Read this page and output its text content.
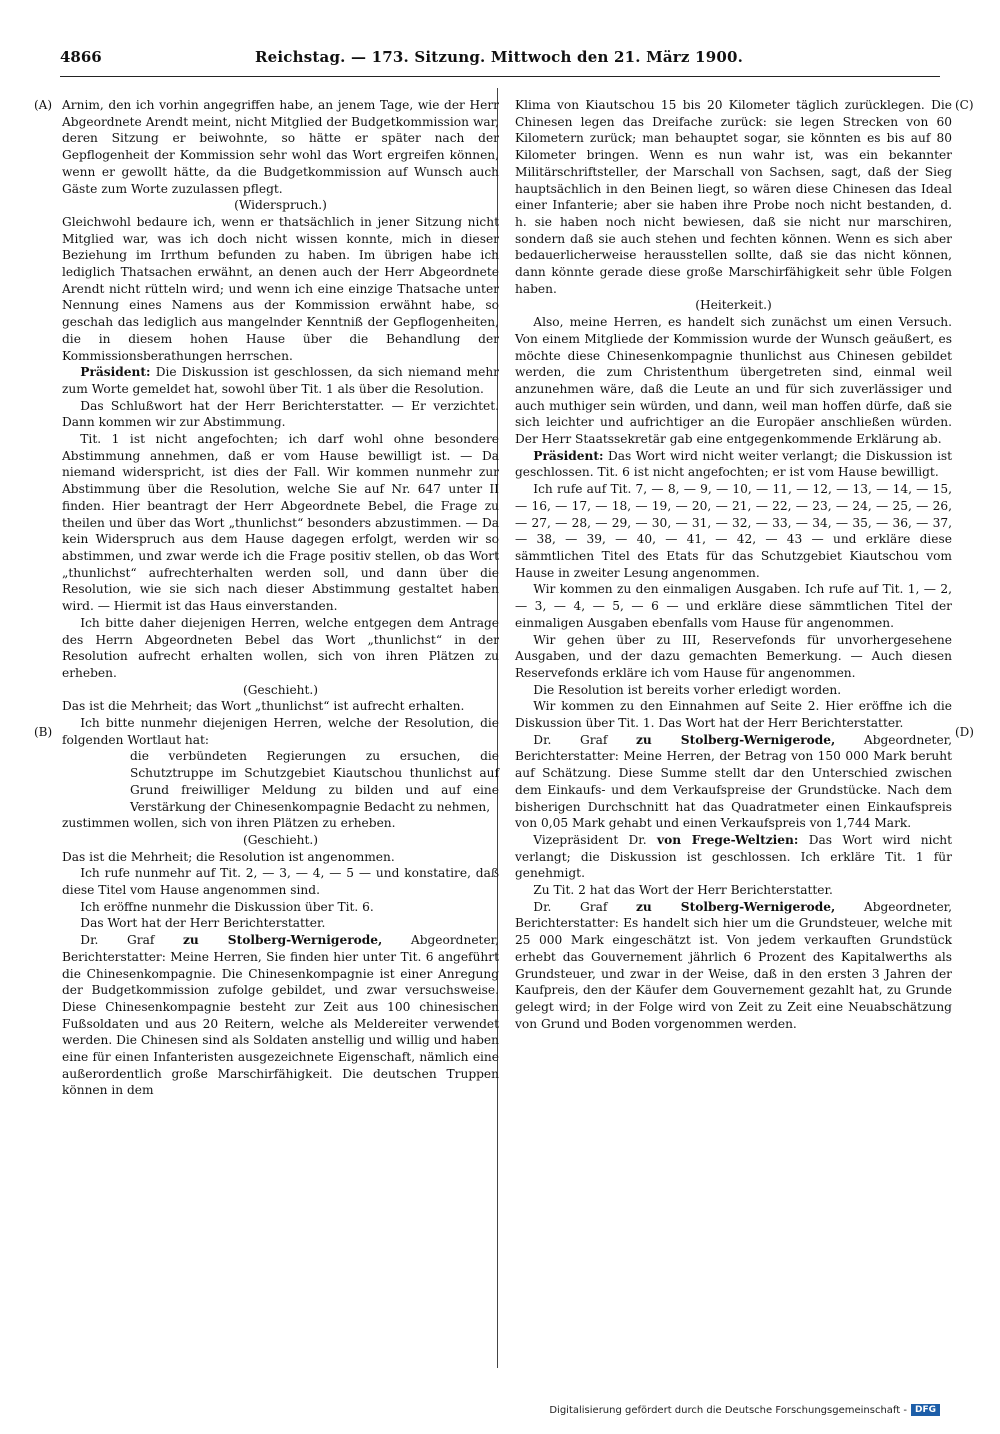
4866	Reichstag. — 173. Sitzung. Mittwoch den 21. März 1900.
(A)
(B)
(C)
(D)

Arnim, den ich vorhin angegriffen habe, an jenem Tage, wie der Herr Abgeordnete Arendt meint, nicht Mitglied der Budgetkommission war, deren Sitzung er beiwohnte, so hätte er später nach der Gepflogenheit der Kommission sehr wohl das Wort ergreifen können, wenn er gewollt hätte, da die Budgetkommission auf Wunsch auch Gäste zum Worte zuzulassen pflegt.

(Widerspruch.)

Gleichwohl bedaure ich, wenn er thatsächlich in jener Sitzung nicht Mitglied war, was ich doch nicht wissen konnte, mich in dieser Beziehung im Irrthum befunden zu haben. Im übrigen habe ich lediglich Thatsachen erwähnt, an denen auch der Herr Abgeordnete Arendt nicht rütteln wird; und wenn ich eine einzige Thatsache unter Nennung eines Namens aus der Kommission erwähnt habe, so geschah das lediglich aus mangelnder Kenntniß der Gepflogenheiten, die in diesem hohen Hause über die Behandlung der Kommissionsberathungen herrschen.

Präsident: Die Diskussion ist geschlossen, da sich niemand mehr zum Worte gemeldet hat, sowohl über Tit. 1 als über die Resolution.

Das Schlußwort hat der Herr Berichterstatter. — Er verzichtet. Dann kommen wir zur Abstimmung.

Tit. 1 ist nicht angefochten; ich darf wohl ohne besondere Abstimmung annehmen, daß er vom Hause bewilligt ist. — Da niemand widerspricht, ist dies der Fall. Wir kommen nunmehr zur Abstimmung über die Resolution, welche Sie auf Nr. 647 unter II finden. Hier beantragt der Herr Abgeordnete Bebel, die Frage zu theilen und über das Wort „thunlichst“ besonders abzustimmen. — Da kein Widerspruch aus dem Hause dagegen erfolgt, werden wir so abstimmen, und zwar werde ich die Frage positiv stellen, ob das Wort „thunlichst“ aufrechterhalten werden soll, und dann über die Resolution, wie sie sich nach dieser Abstimmung gestaltet haben wird. — Hiermit ist das Haus einverstanden.

Ich bitte daher diejenigen Herren, welche entgegen dem Antrage des Herrn Abgeordneten Bebel das Wort „thunlichst“ in der Resolution aufrecht erhalten wollen, sich von ihren Plätzen zu erheben.

(Geschieht.)

Das ist die Mehrheit; das Wort „thunlichst“ ist aufrecht erhalten.

Ich bitte nunmehr diejenigen Herren, welche der Resolution, die folgenden Wortlaut hat:

die verbündeten Regierungen zu ersuchen, die Schutztruppe im Schutzgebiet Kiautschou thunlichst auf Grund freiwilliger Meldung zu bilden und auf eine Verstärkung der Chinesenkompagnie Bedacht zu nehmen,

zustimmen wollen, sich von ihren Plätzen zu erheben.

(Geschieht.)

Das ist die Mehrheit; die Resolution ist angenommen.

Ich rufe nunmehr auf Tit. 2, — 3, — 4, — 5 — und konstatire, daß diese Titel vom Hause angenommen sind.

Ich eröffne nunmehr die Diskussion über Tit. 6.

Das Wort hat der Herr Berichterstatter.

Dr. Graf zu Stolberg-Wernigerode, Abgeordneter, Berichterstatter: Meine Herren, Sie finden hier unter Tit. 6 angeführt die Chinesenkompagnie. Die Chinesenkompagnie ist einer Anregung der Budgetkommission zufolge gebildet, und zwar versuchsweise. Diese Chinesenkompagnie besteht zur Zeit aus 100 chinesischen Fußsoldaten und aus 20 Reitern, welche als Meldereiter verwendet werden. Die Chinesen sind als Soldaten anstellig und willig und haben eine für einen Infanteristen ausgezeichnete Eigenschaft, nämlich eine außerordentlich große Marschirfähigkeit. Die deutschen Truppen können in dem

Klima von Kiautschou 15 bis 20 Kilometer täglich zurücklegen. Die Chinesen legen das Dreifache zurück: sie legen Strecken von 60 Kilometern zurück; man behauptet sogar, sie könnten es bis auf 80 Kilometer bringen. Wenn es nun wahr ist, was ein bekannter Militärschriftsteller, der Marschall von Sachsen, sagt, daß der Sieg hauptsächlich in den Beinen liegt, so wären diese Chinesen das Ideal einer Infanterie; aber sie haben ihre Probe noch nicht bestanden, d. h. sie haben noch nicht bewiesen, daß sie nicht nur marschiren, sondern daß sie auch stehen und fechten können. Wenn es sich aber bedauerlicherweise herausstellen sollte, daß sie das nicht können, dann könnte gerade diese große Marschirfähigkeit sehr üble Folgen haben.

(Heiterkeit.)

Also, meine Herren, es handelt sich zunächst um einen Versuch. Von einem Mitgliede der Kommission wurde der Wunsch geäußert, es möchte diese Chinesenkompagnie thunlichst aus Chinesen gebildet werden, die zum Christenthum übergetreten sind, einmal weil anzunehmen wäre, daß die Leute an und für sich zuverlässiger und auch muthiger sein würden, und dann, weil man hoffen dürfe, daß sie sich leichter und aufrichtiger an die Europäer anschließen würden. Der Herr Staatssekretär gab eine entgegenkommende Erklärung ab.

Präsident: Das Wort wird nicht weiter verlangt; die Diskussion ist geschlossen. Tit. 6 ist nicht angefochten; er ist vom Hause bewilligt.

Ich rufe auf Tit. 7, — 8, — 9, — 10, — 11, — 12, — 13, — 14, — 15, — 16, — 17, — 18, — 19, — 20, — 21, — 22, — 23, — 24, — 25, — 26, — 27, — 28, — 29, — 30, — 31, — 32, — 33, — 34, — 35, — 36, — 37, — 38, — 39, — 40, — 41, — 42, — 43 — und erkläre diese sämmtlichen Titel des Etats für das Schutzgebiet Kiautschou vom Hause in zweiter Lesung angenommen.

Wir kommen zu den einmaligen Ausgaben. Ich rufe auf Tit. 1, — 2, — 3, — 4, — 5, — 6 — und erkläre diese sämmtlichen Titel der einmaligen Ausgaben ebenfalls vom Hause für angenommen.

Wir gehen über zu III, Reservefonds für unvorhergesehene Ausgaben, und der dazu gemachten Bemerkung. — Auch diesen Reservefonds erkläre ich vom Hause für angenommen.

Die Resolution ist bereits vorher erledigt worden.

Wir kommen zu den Einnahmen auf Seite 2. Hier eröffne ich die Diskussion über Tit. 1. Das Wort hat der Herr Berichterstatter.

Dr. Graf zu Stolberg-Wernigerode, Abgeordneter, Berichterstatter: Meine Herren, der Betrag von 150 000 Mark beruht auf Schätzung. Diese Summe stellt dar den Unterschied zwischen dem Einkaufs- und dem Verkaufspreise der Grundstücke. Nach dem bisherigen Durchschnitt hat das Quadratmeter einen Einkaufspreis von 0,05 Mark gehabt und einen Verkaufspreis von 1,744 Mark.

Vizepräsident Dr. von Frege-Weltzien: Das Wort wird nicht verlangt; die Diskussion ist geschlossen. Ich erkläre Tit. 1 für genehmigt.

Zu Tit. 2 hat das Wort der Herr Berichterstatter.

Dr. Graf zu Stolberg-Wernigerode, Abgeordneter, Berichterstatter: Es handelt sich hier um die Grundsteuer, welche mit 25 000 Mark eingeschätzt ist. Von jedem verkauften Grundstück erhebt das Gouvernement jährlich 6 Prozent des Kapitalwerths als Grundsteuer, und zwar in der Weise, daß in den ersten 3 Jahren der Kaufpreis, den der Käufer dem Gouvernement gezahlt hat, zu Grunde gelegt wird; in der Folge wird von Zeit zu Zeit eine Neuabschätzung von Grund und Boden vorgenommen werden.

Digitalisierung gefördert durch die Deutsche Forschungsgemeinschaft - DFG
